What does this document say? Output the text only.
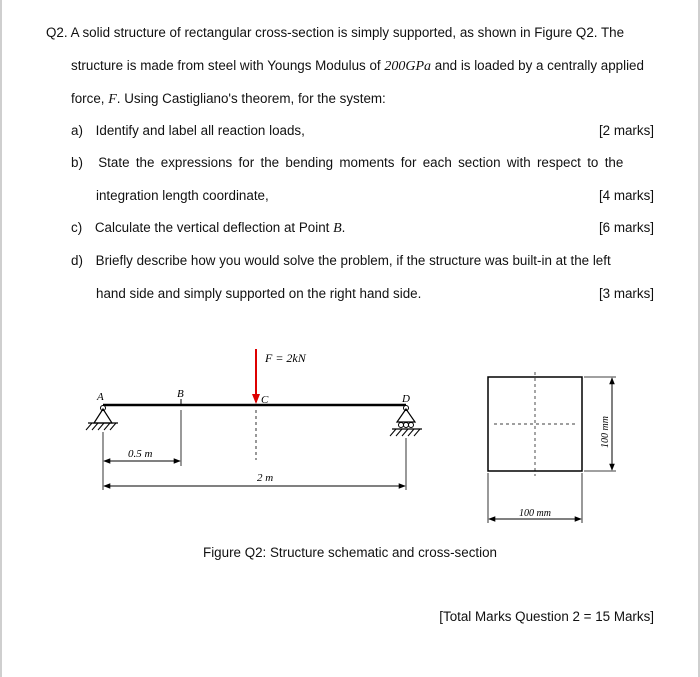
Q2. A solid structure of rectangular cross-section is simply supported, as shown in Figure Q2. The
structure is made from steel with Youngs Modulus of 200GPa and is loaded by a centrally applied
force, F. Using Castigliano's theorem, for the system:
a) Identify and label all reaction loads,	[2 marks]
b) State the expressions for the bending moments for each section with respect to the
integration length coordinate,	[4 marks]
c) Calculate the vertical deflection at Point B.	[6 marks]
d) Briefly describe how you would solve the problem, if the structure was built-in at the left
hand side and simply supported on the right hand side.	[3 marks]
F = 2kN
A	B	C	D
0.5 m
2 m
100 mm
100 mm
Figure Q2: Structure schematic and cross-section
[Total Marks Question 2 = 15 Marks]
